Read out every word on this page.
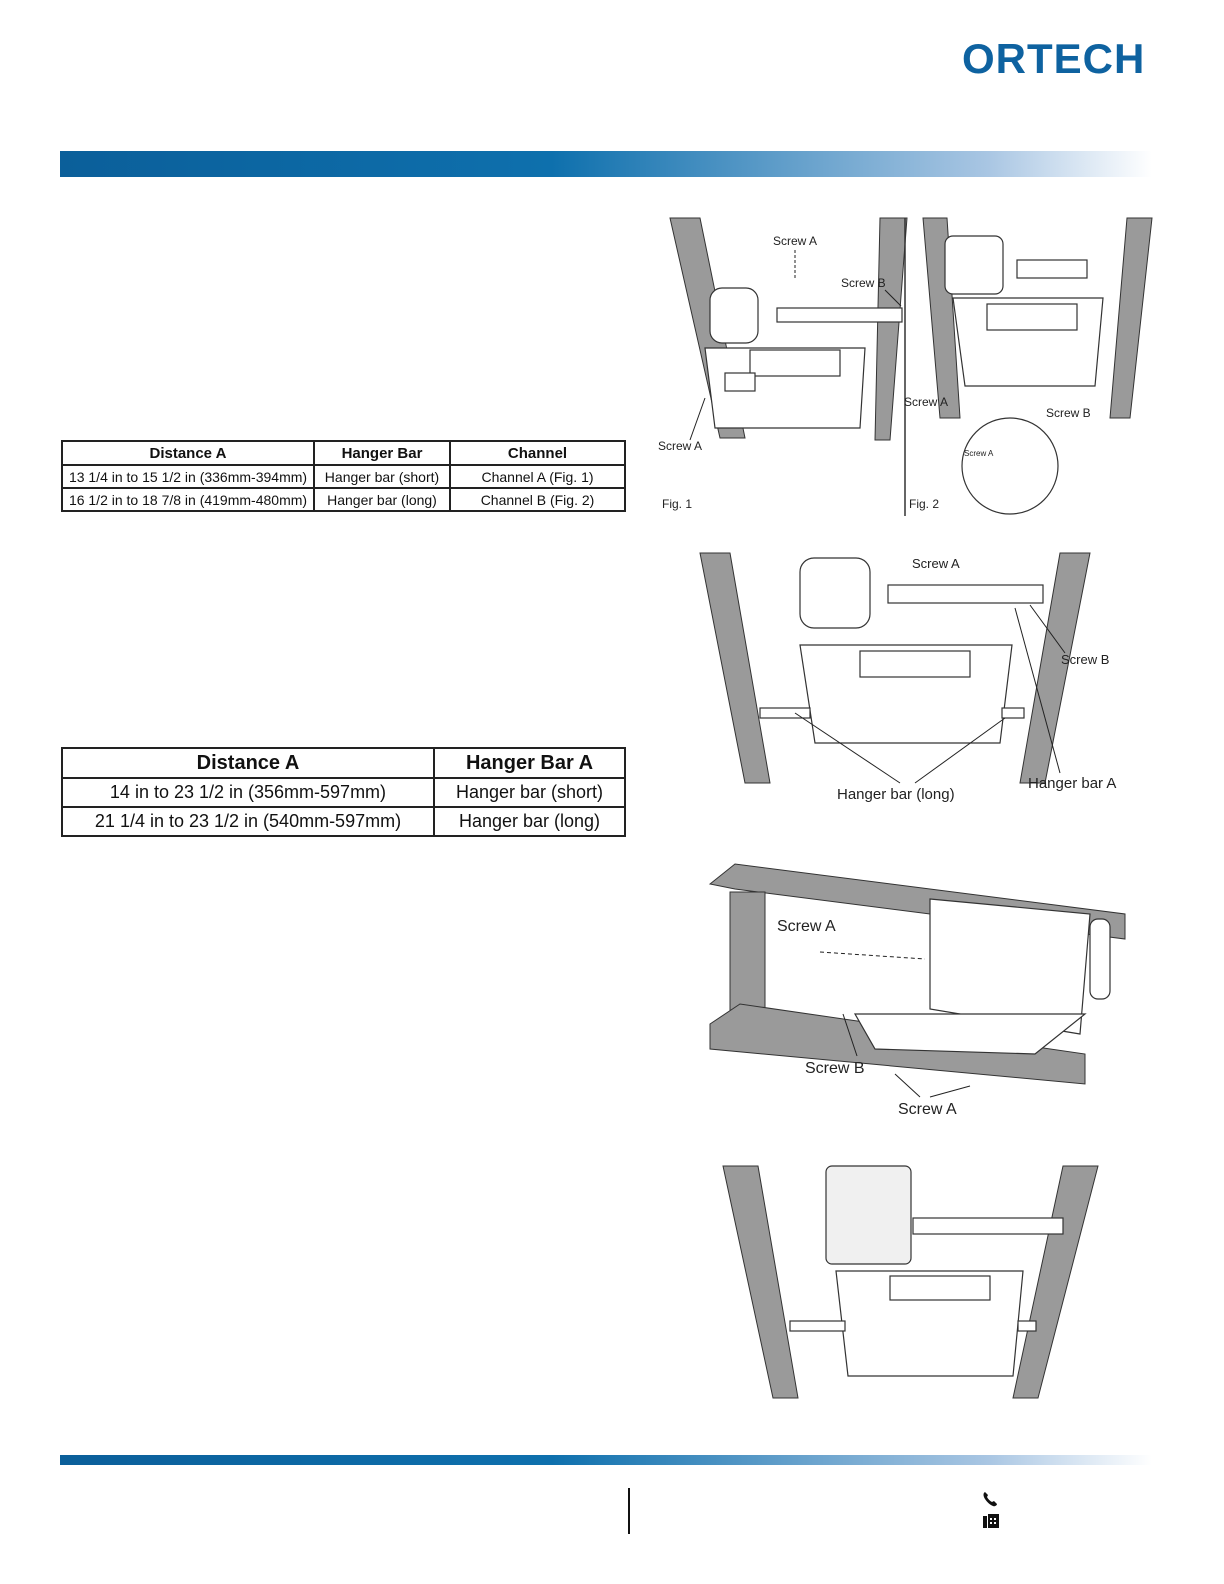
ORTECH
Distance A	Hanger Bar	Channel
13 1/4 in to 15 1/2 in (336mm-394mm)	Hanger bar (short)	Channel A (Fig. 1)
16 1/2 in to 18 7/8 in (419mm-480mm)	Hanger bar (long)	Channel B (Fig. 2)
Distance A	Hanger Bar A
14 in to 23 1/2 in (356mm-597mm)	Hanger bar (short)
21 1/4 in to 23 1/2 in (540mm-597mm)	Hanger bar (long)
Screw A
Screw B
Screw A
Fig. 1
Screw A
Screw B
Screw A
Fig. 2
Screw A
Screw B
Hanger bar (long)
Hanger bar A
Screw A
Screw B
Screw A
